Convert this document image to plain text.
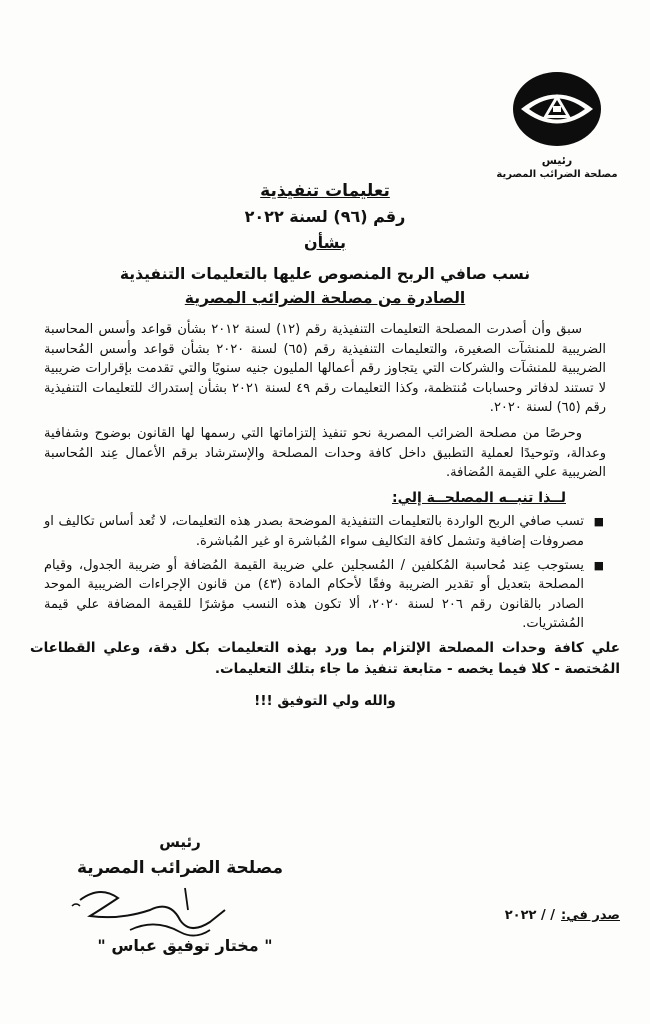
رئيس
مصلحة الضرائب المصرية
تعليمات تنفيذية
رقم (٩٦) لسنة ٢٠٢٢
بشأن
نسب صافي الربح المنصوص عليها بالتعليمات التنفيذية
الصادرة من مصلحة الضرائب المصرية

سبق وأن أصدرت المصلحة التعليمات التنفيذية رقم (١٢) لسنة ٢٠١٢ بشأن قواعد وأسس المحاسبة الضريبية للمنشآت الصغيرة، والتعليمات التنفيذية رقم (٦٥) لسنة ٢٠٢٠ بشأن قواعد وأسس المُحاسبة الضريبية للمنشآت والشركات التي يتجاوز رقم أعمالها المليون جنيه سنويًا والتي تقدمت بإقرارات ضريبية لا تستند لدفاتر وحسابات مُنتظمة، وكذا التعليمات رقم ٤٩ لسنة ٢٠٢١ بشأن إستدراك للتعليمات التنفيذية رقم (٦٥) لسنة ٢٠٢٠.

وحرصًا من مصلحة الضرائب المصرية نحو تنفيذ إلتزاماتها التي رسمها لها القانون بوضوح وشفافية وعدالة، وتوحيدًا لعملية التطبيق داخل كافة وحدات المصلحة والإسترشاد برقم الأعمال عِند المُحاسبة الضريبية علي القيمة المُضافة.

لــذا تنبــه المصلحــة إلي:
■ تسب صافي الربح الواردة بالتعليمات التنفيذية الموضحة بصدر هذه التعليمات، لا تُعد أساس تكاليف او مصروفات إضافية وتشمل كافة التكاليف سواء المُباشرة او غير المُباشرة.
■ يستوجب عِند مُحاسبة المُكلفين / المُسجلين علي ضريبة القيمة المُضافة أو ضريبة الجدول، وقيام المصلحة بتعديل أو تقدير الضريبة وفقًا لأحكام المادة (٤٣) من قانون الإجراءات الضريبية الموحد الصادر بالقانون رقم ٢٠٦ لسنة ٢٠٢٠، ألا تكون هذه النسب مؤشرًا للقيمة المضافة علي قيمة المُشتريات.

علي كافة وحدات المصلحة الإلتزام بما ورد بهذه التعليمات بكل دقة، وعلي القطاعات المُختصة - كلا فيما يخصه - متابعة تنفيذ ما جاء بتلك التعليمات.

والله ولي التوفيق !!!
رئيس
مصلحة الضرائب المصرية
" مختار توفيق عباس "
صدر في:
/ / ٢٠٢٢
